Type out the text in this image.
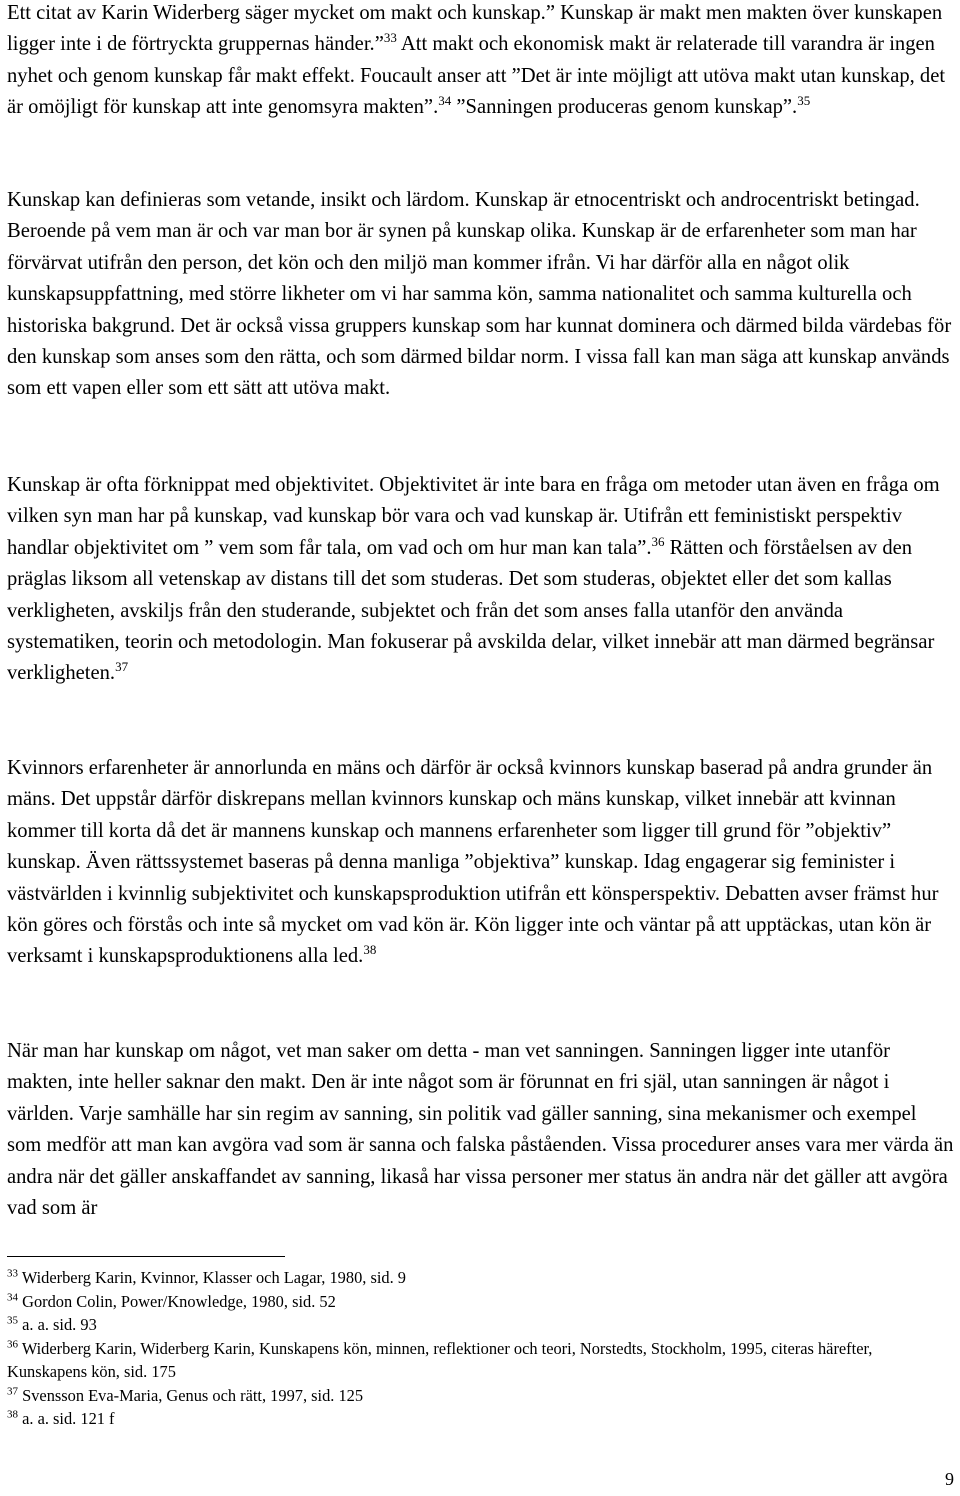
Ett citat av Karin Widerberg säger mycket om makt och kunskap.” Kunskap är makt men makten över kunskapen ligger inte i de förtryckta gruppernas händer.”$^{33}$ Att makt och ekonomisk makt är relaterade till varandra är ingen nyhet och genom kunskap får makt effekt. Foucault anser att ”Det är inte möjligt att utöva makt utan kunskap, det är omöjligt för kunskap att inte genomsyra makten”.$^{34}$ ”Sanningen produceras genom kunskap”.$^{35}$

Kunskap kan definieras som vetande, insikt och lärdom. Kunskap är etnocentriskt och androcentriskt betingad. Beroende på vem man är och var man bor är synen på kunskap olika. Kunskap är de erfarenheter som man har förvärvat utifrån den person, det kön och den miljö man kommer ifrån. Vi har därför alla en något olik kunskapsuppfattning, med större likheter om vi har samma kön, samma nationalitet och samma kulturella och historiska bakgrund. Det är också vissa gruppers kunskap som har kunnat dominera och därmed bilda värdebas för den kunskap som anses som den rätta, och som därmed bildar norm. I vissa fall kan man säga att kunskap används som ett vapen eller som ett sätt att utöva makt.

Kunskap är ofta förknippat med objektivitet. Objektivitet är inte bara en fråga om metoder utan även en fråga om vilken syn man har på kunskap, vad kunskap bör vara och vad kunskap är. Utifrån ett feministiskt perspektiv handlar objektivitet om ” vem som får tala, om vad och om hur man kan tala”.$^{36}$ Rätten och förståelsen av den präglas liksom all vetenskap av distans till det som studeras. Det som studeras, objektet eller det som kallas verkligheten, avskiljs från den studerande, subjektet och från det som anses falla utanför den använda systematiken, teorin och metodologin. Man fokuserar på avskilda delar, vilket innebär att man därmed begränsar verkligheten.$^{37}$

Kvinnors erfarenheter är annorlunda en mäns och därför är också kvinnors kunskap baserad på andra grunder än mäns. Det uppstår därför diskrepans mellan kvinnors kunskap och mäns kunskap, vilket innebär att kvinnan kommer till korta då det är mannens kunskap och mannens erfarenheter som ligger till grund för ”objektiv” kunskap. Även rättssystemet baseras på denna manliga ”objektiva” kunskap. Idag engagerar sig feminister i västvärlden i kvinnlig subjektivitet och kunskapsproduktion utifrån ett könsperspektiv. Debatten avser främst hur kön göres och förstås och inte så mycket om vad kön är. Kön ligger inte och väntar på att upptäckas, utan kön är verksamt i kunskapsproduktionens alla led.$^{38}$

När man har kunskap om något, vet man saker om detta - man vet sanningen. Sanningen ligger inte utanför makten, inte heller saknar den makt. Den är inte något som är förunnat en fri själ, utan sanningen är något i världen. Varje samhälle har sin regim av sanning, sin politik vad gäller sanning, sina mekanismer och exempel som medför att man kan avgöra vad som är sanna och falska påståenden. Vissa procedurer anses vara mer värda än andra när det gäller anskaffandet av sanning, likaså har vissa personer mer status än andra när det gäller att avgöra vad som är

$^{33}$ Widerberg Karin, Kvinnor, Klasser och Lagar, 1980, sid. 9

$^{34}$ Gordon Colin, Power/Knowledge, 1980, sid. 52

$^{35}$ a. a. sid. 93

$^{36}$ Widerberg Karin, Widerberg Karin, Kunskapens kön, minnen, reflektioner och teori, Norstedts, Stockholm, 1995, citeras härefter, Kunskapens kön, sid. 175

$^{37}$ Svensson Eva-Maria, Genus och rätt, 1997, sid. 125

$^{38}$ a. a. sid. 121 f

9
